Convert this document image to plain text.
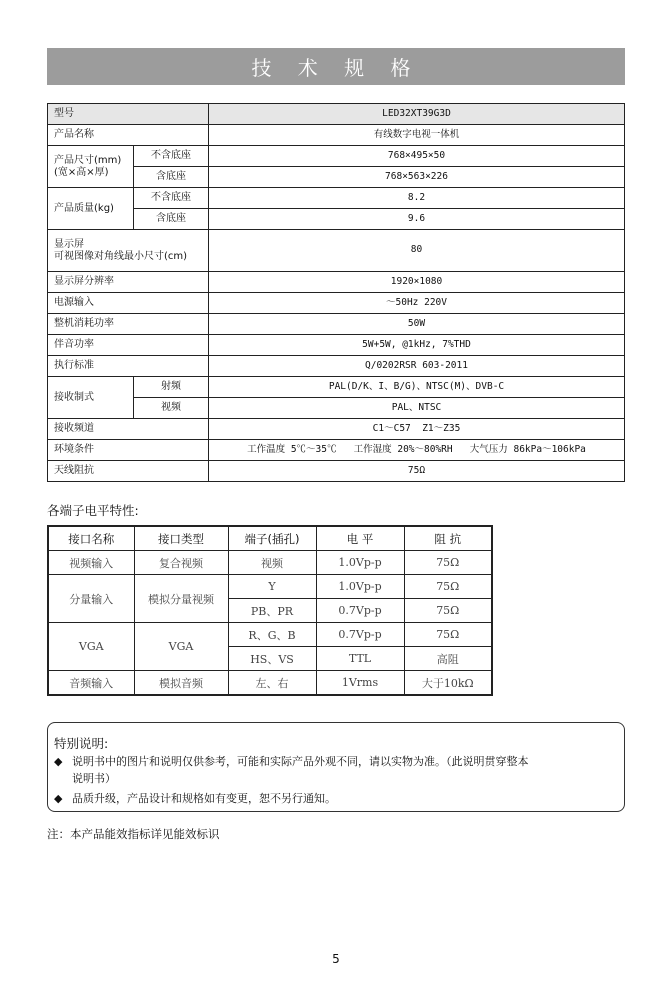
技 术 规 格
型号		LED32XT39G3D
产品名称		有线数字电视一体机

产品尺寸(mm)
(宽×高×厚)	不含底座	768×495×50
	含底座	768×563×226
产品质量(kg)	不含底座	8.2
	含底座	9.6

显示屏
可视图像对角线最小尺寸(cm)		80
显示屏分辨率		1920×1080
电源输入		～50Hz 220V
整机消耗功率		50W
伴音功率		5W+5W, @1kHz, 7%THD
执行标准		Q/0202RSR 603-2011
接收制式	射频	PAL(D/K、I、B/G)、NTSC(M)、DVB-C
	视频	PAL、NTSC
接收频道		C1～C57  Z1～Z35
环境条件		工作温度 5℃～35℃   工作湿度 20%～80%RH   大气压力 86kPa～106kPa
天线阻抗		75Ω
各端子电平特性:
接口名称	接口类型	端子(插孔)	电 平	阻 抗
视频输入	复合视频	视频	1.0Vp-p	75Ω
分量输入	模拟分量视频	Y	1.0Vp-p	75Ω
		PB、PR	0.7Vp-p	75Ω
VGA	VGA	R、G、B	0.7Vp-p	75Ω
		HS、VS	TTL	高阻
音频输入	模拟音频	左、右	1Vrms	大于10kΩ
特别说明:
◆ 说明书中的图片和说明仅供参考，可能和实际产品外观不同，请以实物为准。（此说明贯穿整本
说明书）
◆ 品质升级，产品设计和规格如有变更，恕不另行通知。
注：本产品能效指标详见能效标识
5
